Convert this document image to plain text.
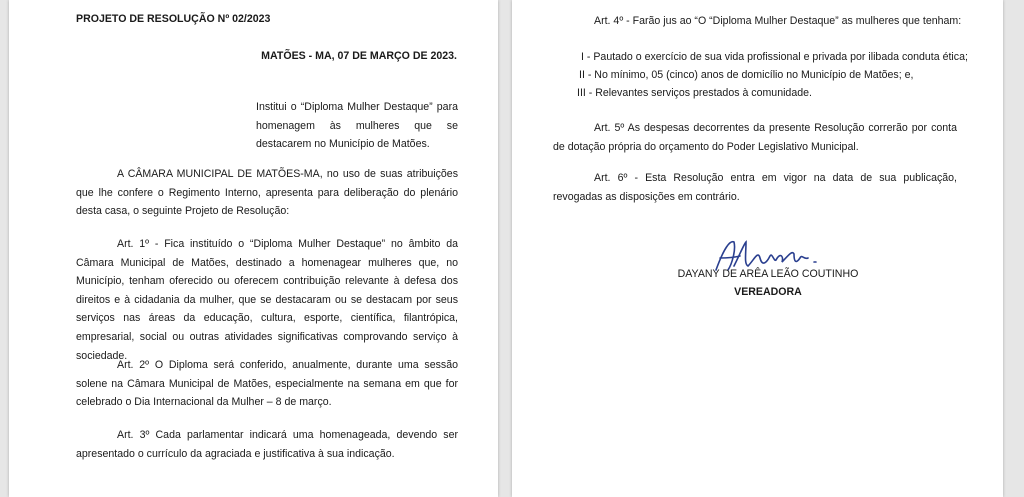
PROJETO DE RESOLUÇÃO Nº 02/2023

MATÕES - MA, 07 DE MARÇO DE 2023.

Institui o “Diploma Mulher Destaque” para homenagem às mulheres que se destacarem no Município de Matões.

A CÂMARA MUNICIPAL DE MATÕES-MA, no uso de suas atribuições que lhe confere o Regimento Interno, apresenta para deliberação do plenário desta casa, o seguinte Projeto de Resolução:

Art. 1º - Fica instituído o “Diploma Mulher Destaque” no âmbito da Câmara Municipal de Matões, destinado a homenagear mulheres que, no Município, tenham oferecido ou oferecem contribuição relevante à defesa dos direitos e à cidadania da mulher, que se destacaram ou se destacam por seus serviços nas áreas da educação, cultura, esporte, científica, filantrópica, empresarial, social ou outras atividades significativas comprovando serviço à sociedade.

Art. 2º O Diploma será conferido, anualmente, durante uma sessão solene na Câmara Municipal de Matões, especialmente na semana em que for celebrado o Dia Internacional da Mulher – 8 de março.

Art. 3º Cada parlamentar indicará uma homenageada, devendo ser apresentado o currículo da agraciada e justificativa à sua indicação.

Art. 4º - Farão jus ao “O “Diploma Mulher Destaque” as mulheres que tenham:

I - Pautado o exercício de sua vida profissional e privada por ilibada conduta ética;

II - No mínimo, 05 (cinco) anos de domicílio no Município de Matões; e,

III - Relevantes serviços prestados à comunidade.

Art. 5º As despesas decorrentes da presente Resolução correrão por conta de dotação própria do orçamento do Poder Legislativo Municipal.

Art. 6º - Esta Resolução entra em vigor na data de sua publicação, revogadas as disposições em contrário.

DAYANY DE ARÊA LEÃO COUTINHO

VEREADORA
